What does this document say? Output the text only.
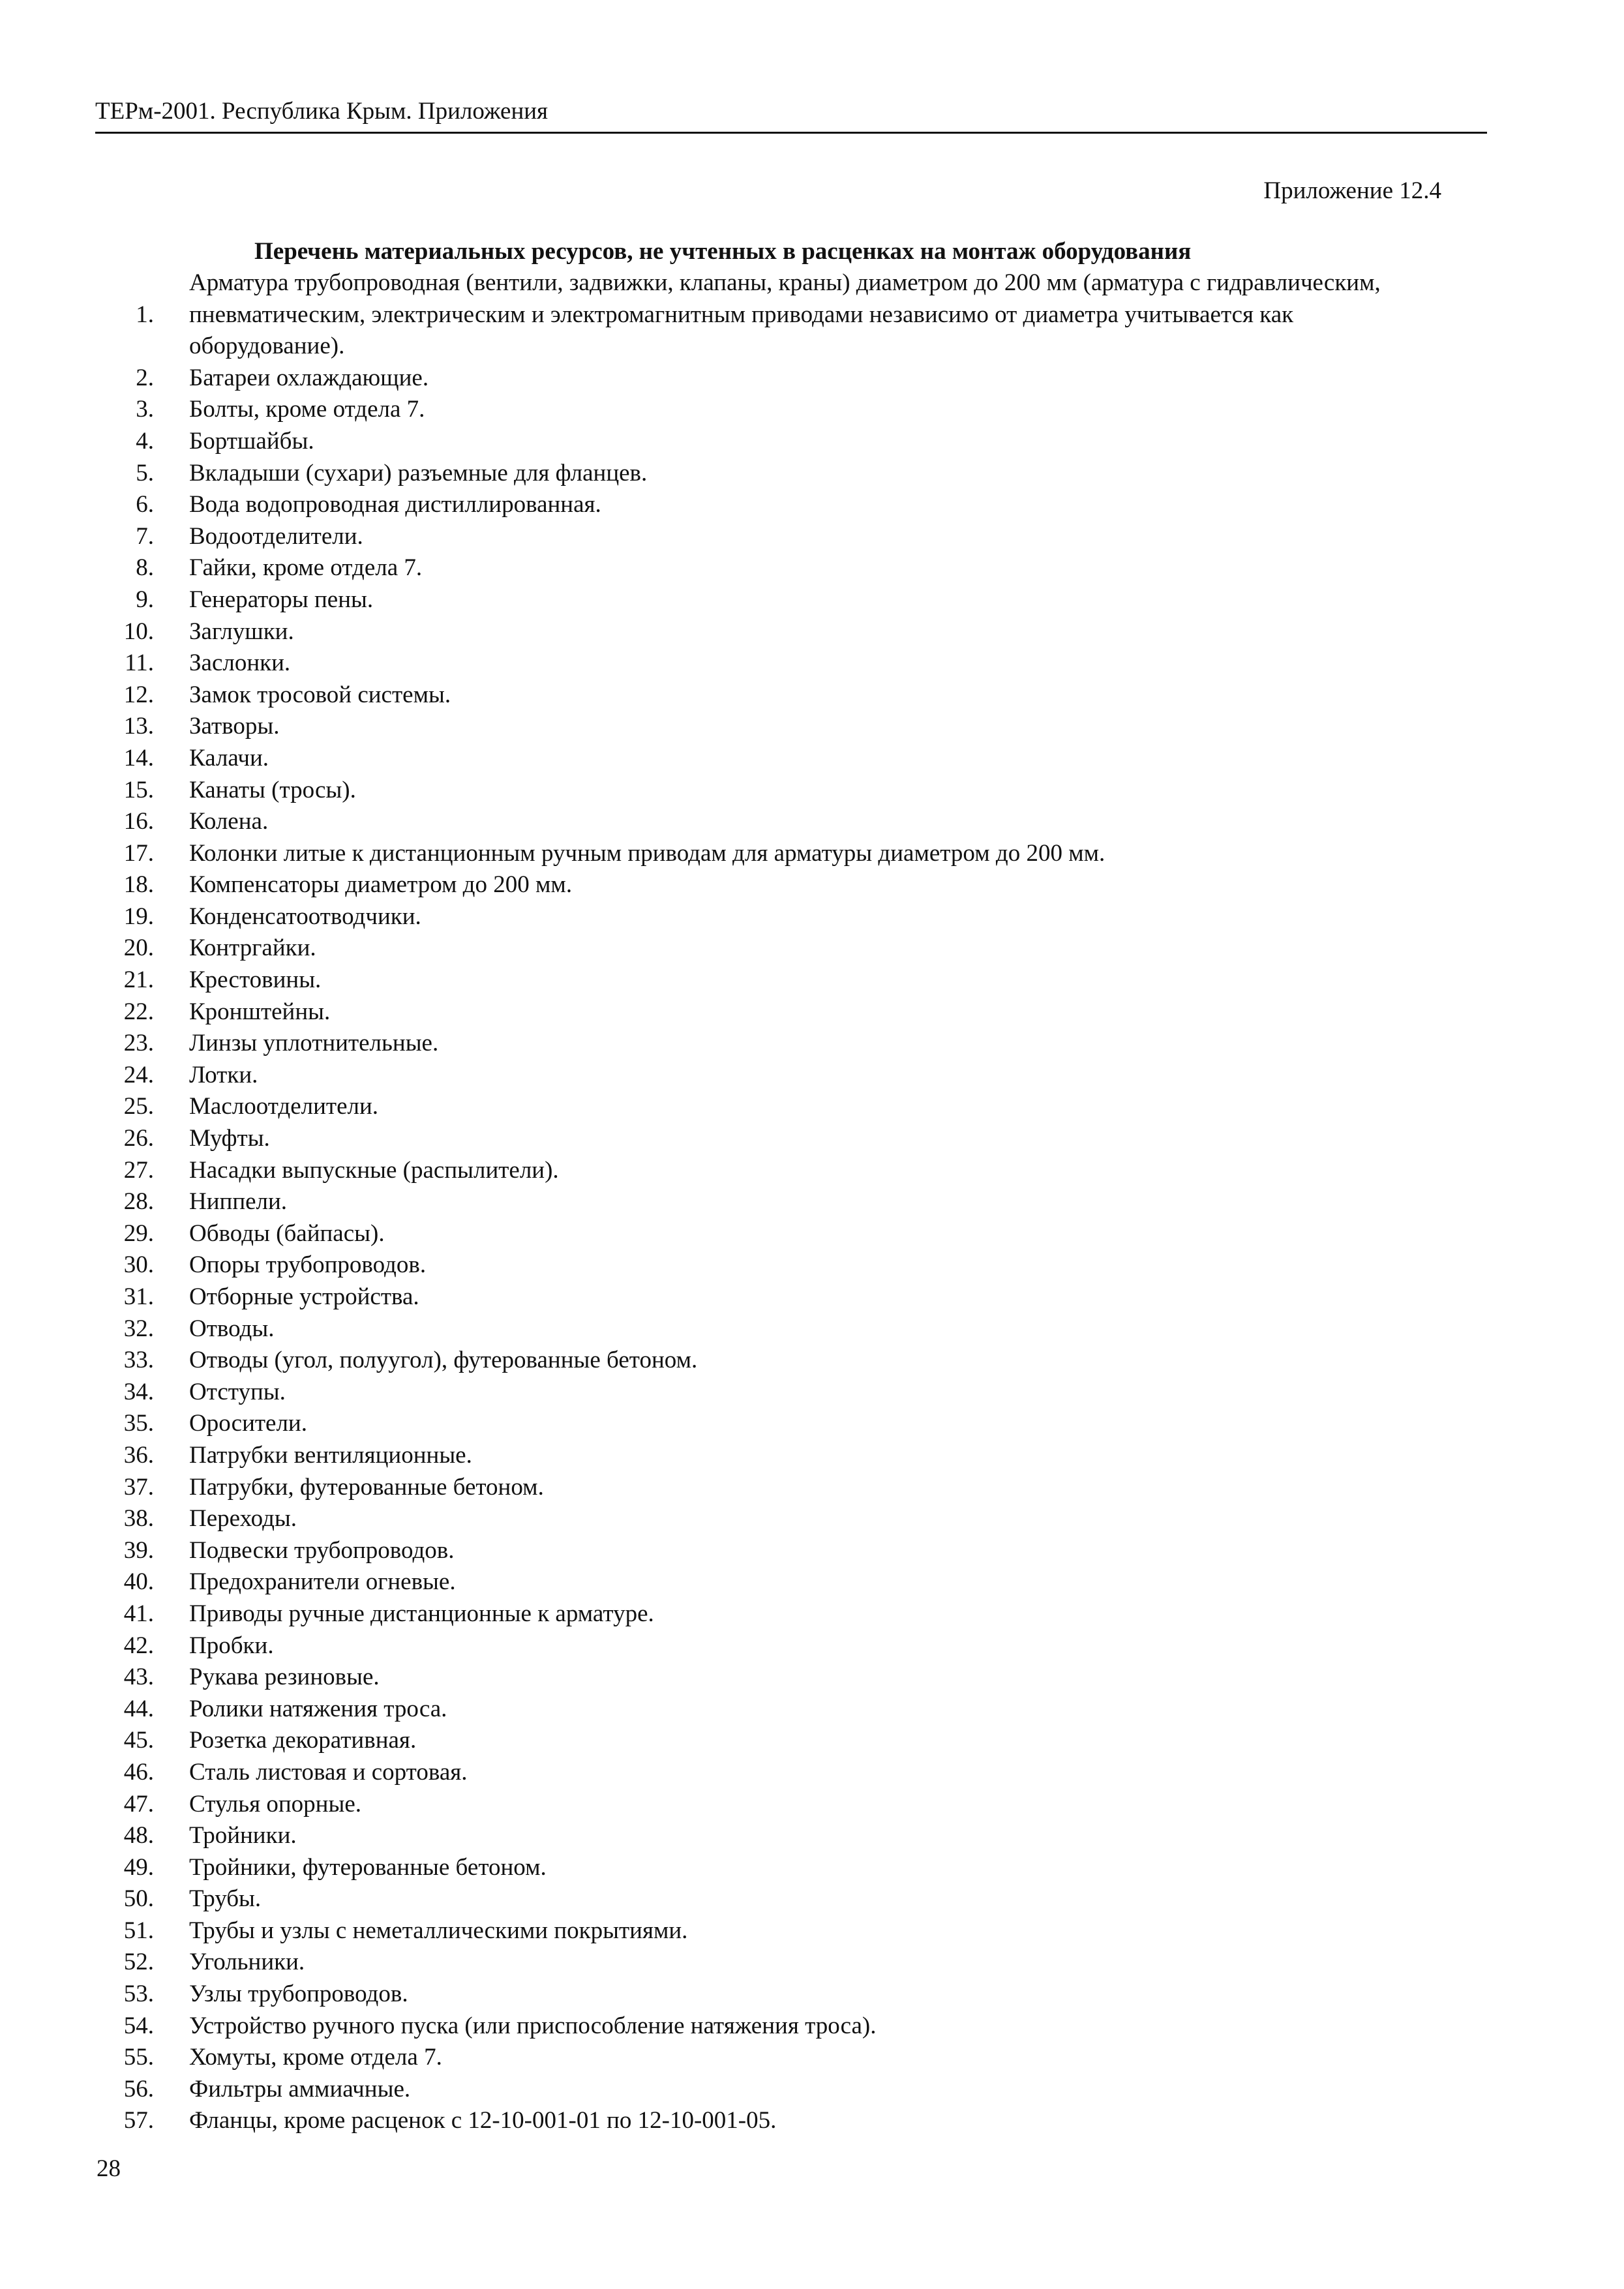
ТЕРм-2001. Республика Крым. Приложения
Приложение 12.4
Перечень материальных ресурсов, не учтенных в расценках на монтаж оборудования
1.
Арматура трубопроводная (вентили, задвижки, клапаны, краны) диаметром до 200 мм (арматура с гидравлическим, пневматическим, электрическим и электромагнитным приводами независимо от диаметра учитывается как оборудование).
2. Батареи охлаждающие.
3. Болты, кроме отдела 7.
4. Бортшайбы.
5. Вкладыши (сухари) разъемные для фланцев.
6. Вода водопроводная дистиллированная.
7. Водоотделители.
8. Гайки, кроме отдела 7.
9. Генераторы пены.
10. Заглушки.
11. Заслонки.
12. Замок тросовой системы.
13. Затворы.
14. Калачи.
15. Канаты (тросы).
16. Колена.
17. Колонки литые к дистанционным ручным приводам для арматуры диаметром до 200 мм.
18. Компенсаторы диаметром до 200 мм.
19. Конденсатоотводчики.
20. Контргайки.
21. Крестовины.
22. Кронштейны.
23. Линзы уплотнительные.
24. Лотки.
25. Маслоотделители.
26. Муфты.
27. Насадки выпускные (распылители).
28. Ниппели.
29. Обводы (байпасы).
30. Опоры трубопроводов.
31. Отборные устройства.
32. Отводы.
33. Отводы (угол, полуугол), футерованные бетоном.
34. Отступы.
35. Оросители.
36. Патрубки вентиляционные.
37. Патрубки, футерованные бетоном.
38. Переходы.
39. Подвески трубопроводов.
40. Предохранители огневые.
41. Приводы ручные дистанционные к арматуре.
42. Пробки.
43. Рукава резиновые.
44. Ролики натяжения троса.
45. Розетка декоративная.
46. Сталь листовая и сортовая.
47. Стулья опорные.
48. Тройники.
49. Тройники, футерованные бетоном.
50. Трубы.
51. Трубы и узлы с неметаллическими покрытиями.
52. Угольники.
53. Узлы трубопроводов.
54. Устройство ручного пуска (или приспособление натяжения троса).
55. Хомуты, кроме отдела 7.
56. Фильтры аммиачные.
57. Фланцы, кроме расценок с 12-10-001-01 по 12-10-001-05.
28
